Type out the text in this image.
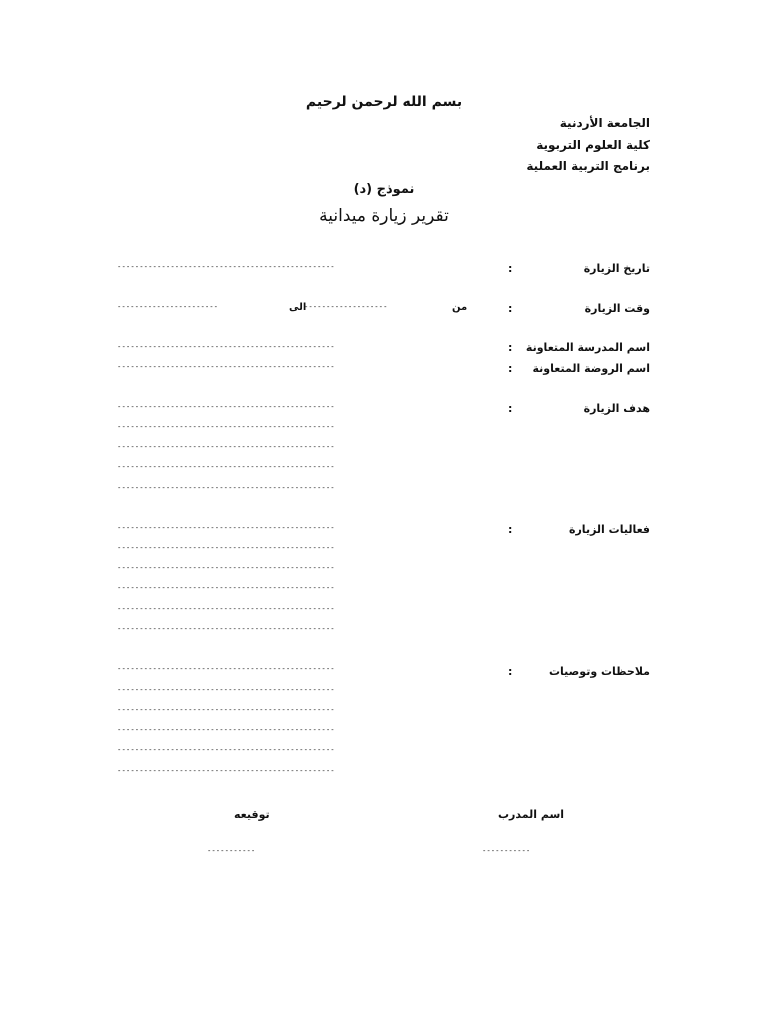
بسم الله لرحمن لرحيم
الجامعة الأردنية
كلية العلوم التربوية
برنامج التربية العملية
نموذج (د)
تقرير زيارة ميدانية
تاريخ الزيارة
:
-------------------------------------------------
وقت الزيارة
:
من
-------------------
الى
-----------------------
اسم المدرسة المتعاونة
:
-------------------------------------------------
اسم الروضة المتعاونة
:
-------------------------------------------------
هدف الزيارة
:
-------------------------------------------------
-------------------------------------------------
-------------------------------------------------
-------------------------------------------------
-------------------------------------------------
فعاليات الزيارة
:
-------------------------------------------------
-------------------------------------------------
-------------------------------------------------
-------------------------------------------------
-------------------------------------------------
-------------------------------------------------
ملاحظات وتوصيات
:
-------------------------------------------------
-------------------------------------------------
-------------------------------------------------
-------------------------------------------------
-------------------------------------------------
-------------------------------------------------
اسم المدرب
توقيعه
-----------
-----------
